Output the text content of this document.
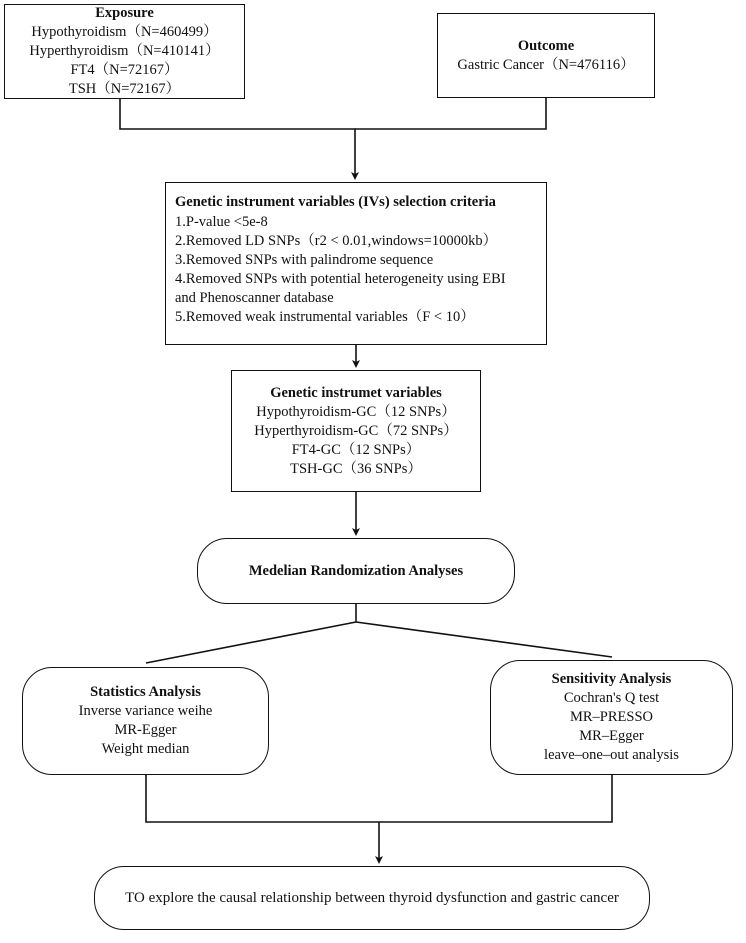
Exposure
Hypothyroidism（N=460499）
Hyperthyroidism（N=410141）
FT4（N=72167）
TSH（N=72167）
Outcome
Gastric Cancer（N=476116）
Genetic instrument variables (IVs) selection criteria
1.P-value <5e-8
2.Removed LD SNPs（r2 < 0.01,windows=10000kb）
3.Removed SNPs with palindrome sequence
4.Removed SNPs with potential heterogeneity using EBI
and Phenoscanner database
5.Removed weak instrumental variables（F < 10）
Genetic instrumet variables
Hypothyroidism-GC（12 SNPs）
Hyperthyroidism-GC（72 SNPs）
FT4-GC（12 SNPs）
TSH-GC（36 SNPs）
Medelian Randomization Analyses
Statistics Analysis
Inverse variance weihe
MR-Egger
Weight median
Sensitivity Analysis
Cochran's Q test
MR–PRESSO
MR–Egger
leave–one–out analysis
TO explore the causal relationship between thyroid dysfunction and gastric cancer
